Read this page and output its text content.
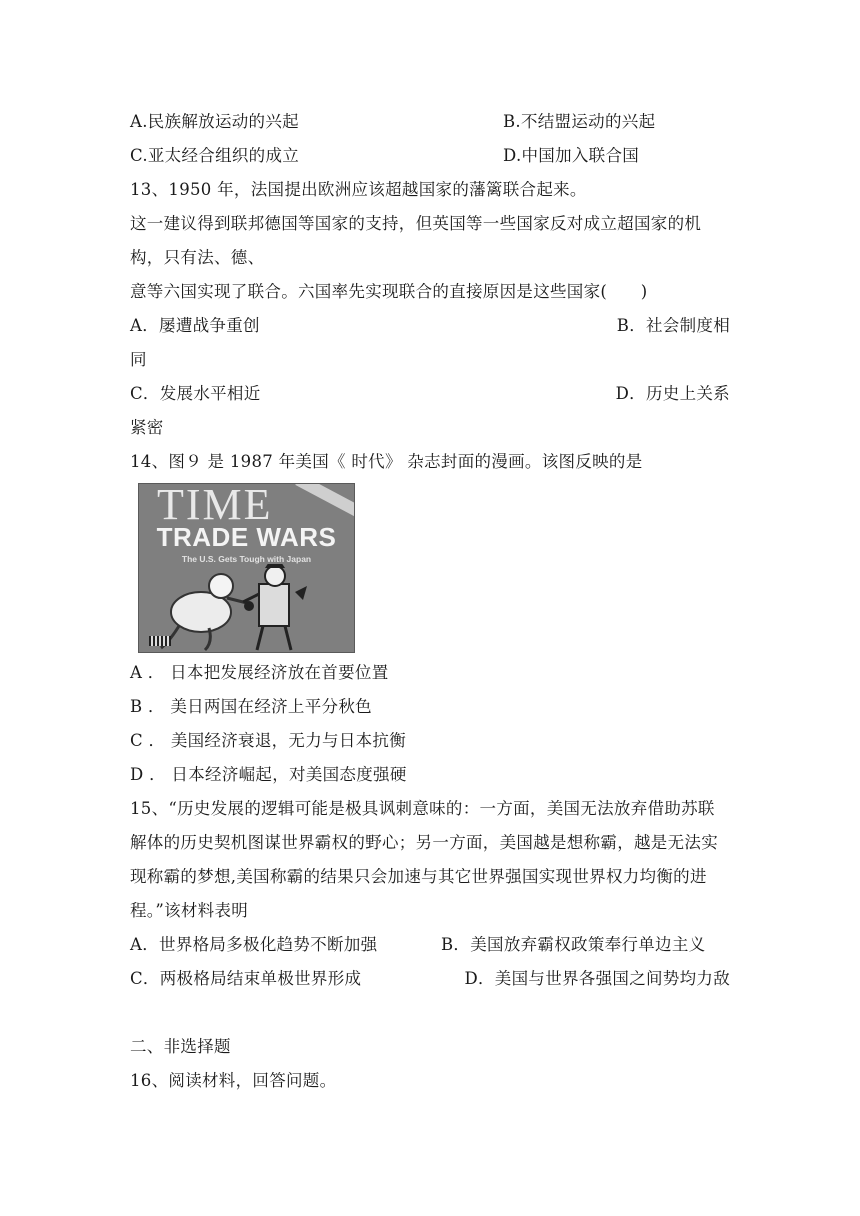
A.民族解放运动的兴起	B.不结盟运动的兴起
C.亚太经合组织的成立	D.中国加入联合国
13、1950 年，法国提出欧洲应该超越国家的藩篱联合起来。
这一建议得到联邦德国等国家的支持，但英国等一些国家反对成立超国家的机
构，只有法、德、
意等六国实现了联合。六国率先实现联合的直接原因是这些国家(　　)
A．屡遭战争重创	B．社会制度相
同
C．发展水平相近	D．历史上关系
紧密
14、图９ 是 1987 年美国《 时代》 杂志封面的漫画。该图反映的是
TIME
TRADE WARS
The U.S. Gets Tough with Japan
A ． 日本把发展经济放在首要位置
B ． 美日两国在经济上平分秋色
C ． 美国经济衰退，无力与日本抗衡
D ． 日本经济崛起，对美国态度强硬
15、“历史发展的逻辑可能是极具讽刺意味的：一方面，美国无法放弃借助苏联
解体的历史契机图谋世界霸权的野心；另一方面，美国越是想称霸，越是无法实
现称霸的梦想,美国称霸的结果只会加速与其它世界强国实现世界权力均衡的进
程。”该材料表明
A．世界格局多极化趋势不断加强	B．美国放弃霸权政策奉行单边主义
C．两极格局结束单极世界形成	D．美国与世界各强国之间势均力敌
二、非选择题
16、阅读材料，回答问题。
